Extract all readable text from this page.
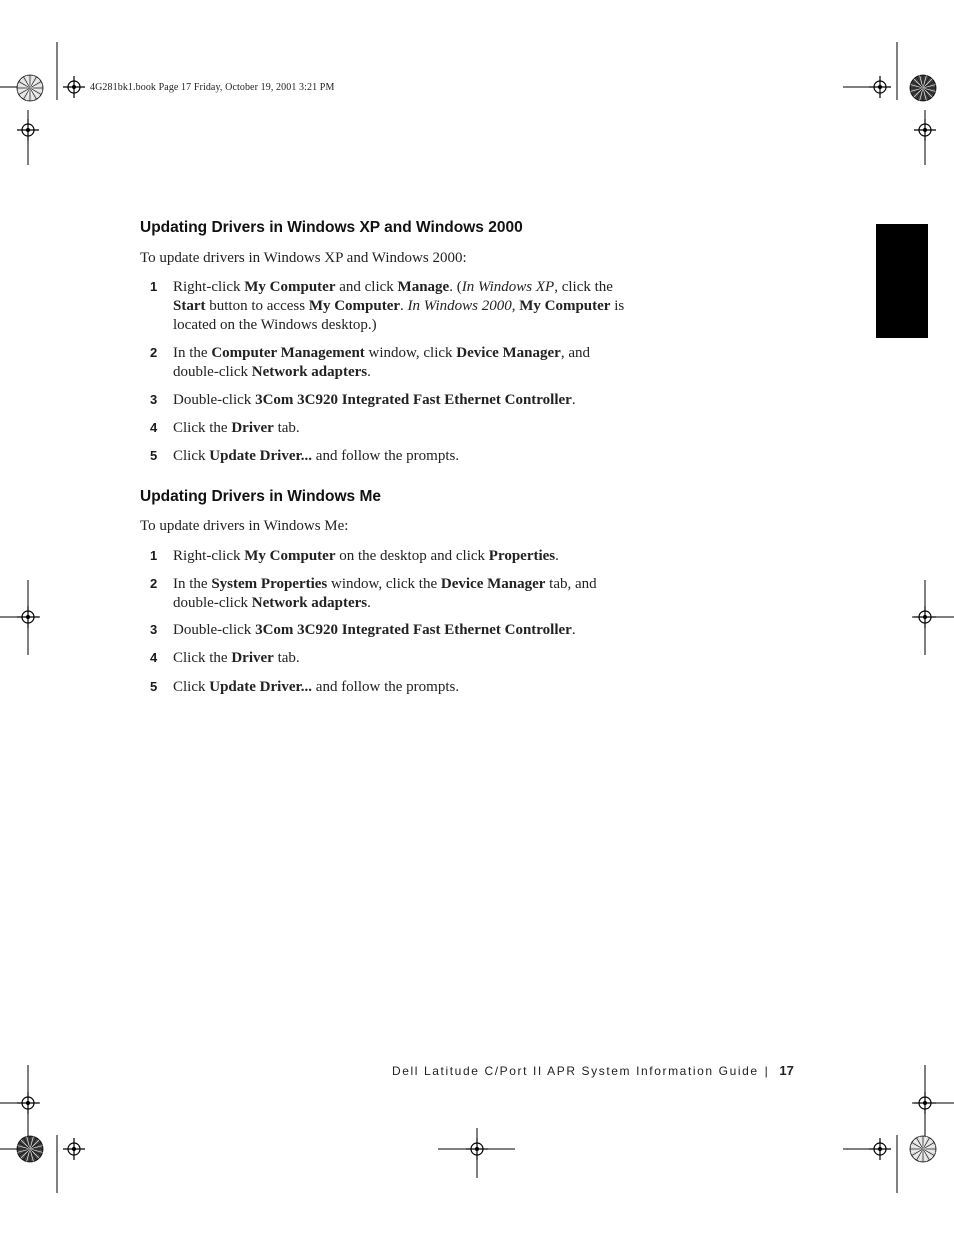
4G281bk1.book Page 17 Friday, October 19, 2001 3:21 PM
Updating Drivers in Windows XP and Windows 2000
To update drivers in Windows XP and Windows 2000:
1	Right-click My Computer and click Manage. (In Windows XP, click the Start button to access My Computer. In Windows 2000, My Computer is located on the Windows desktop.)
2	In the Computer Management window, click Device Manager, and double-click Network adapters.
3	Double-click 3Com 3C920 Integrated Fast Ethernet Controller.
4	Click the Driver tab.
5	Click Update Driver... and follow the prompts.
Updating Drivers in Windows Me
To update drivers in Windows Me:
1	Right-click My Computer on the desktop and click Properties.
2	In the System Properties window, click the Device Manager tab, and double-click Network adapters.
3	Double-click 3Com 3C920 Integrated Fast Ethernet Controller.
4	Click the Driver tab.
5	Click Update Driver... and follow the prompts.
Dell Latitude C/Port II APR System Information Guide | 17
